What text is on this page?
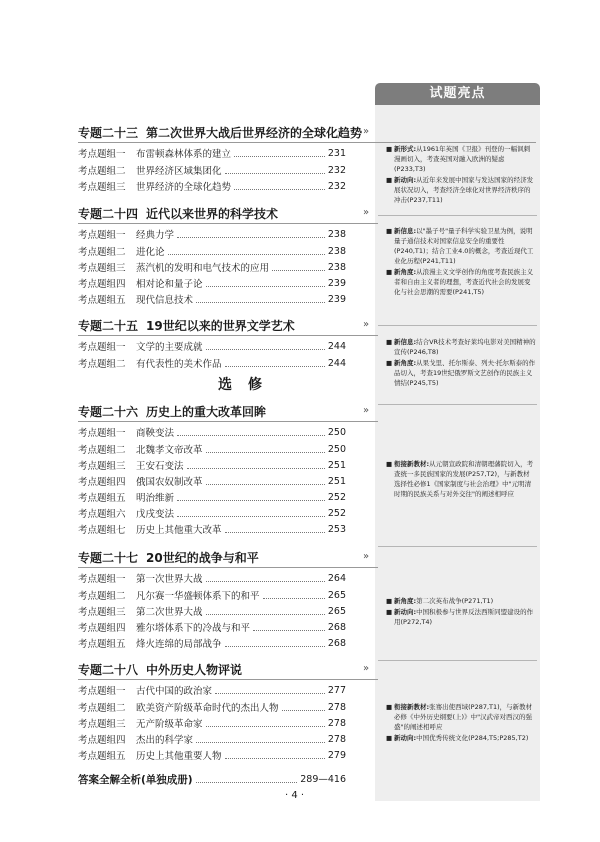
试题亮点
专题二十三 第二次世界大战后世界经济的全球化趋势 »
考点题组一	布雷顿森林体系的建立	231
考点题组二	世界经济区域集团化	232
考点题组三	世界经济的全球化趋势	232
■ 新形式:从1961年英国《卫报》刊登的一幅讽刺漫画切入，考查英国对融入欧洲的疑虑(P233,T3)
■ 新动向:从近年来发展中国家与发达国家的经济发展状况切入，考查经济全球化对世界经济秩序的冲击(P237,T11)
专题二十四 近代以来世界的科学技术	»
考点题组一	经典力学	238
考点题组二	进化论	238
考点题组三	蒸汽机的发明和电气技术的应用	238
考点题组四	相对论和量子论	239
考点题组五	现代信息技术	239
■ 新信息:以"墨子号"量子科学实验卫星为例，说明量子通信技术对国家信息安全的重要性(P240,T1)；结合工业4.0的概念，考查近现代工业化历程(P241,T11)
■ 新角度:从浪漫主义文学创作的角度考查民族主义者和自由主义者的理想，考查近代社会的发展变化与社会思潮的需要(P241,T5)
专题二十五 19世纪以来的世界文学艺术	»
考点题组一	文学的主要成就	244
考点题组二	有代表性的美术作品	244
■ 新信息:结合VR技术考查好莱坞电影对美国精神的宣传(P246,T8)
■ 新角度:从果戈里、托尔斯泰、列夫·托尔斯泰的作品切入，考查19世纪俄罗斯文艺创作的民族主义情结(P245,T5)
选修
专题二十六 历史上的重大改革回眸	»
考点题组一	商鞅变法	250
考点题组二	北魏孝文帝改革	250
考点题组三	王安石变法	251
考点题组四	俄国农奴制改革	251
考点题组五	明治维新	252
考点题组六	戊戌变法	252
考点题组七	历史上其他重大改革	253
■ 衔接新教材:从元朝宣政院和清朝理藩院切入，考查统一多民族国家的发展(P257,T2)，与新教材选择性必修1《国家制度与社会治理》中"元明清时期的民族关系与对外交往"的阐述相呼应
专题二十七 20世纪的战争与和平	»
考点题组一	第一次世界大战	264
考点题组二	凡尔赛一华盛顿体系下的和平	265
考点题组三	第二次世界大战	265
考点题组四	雅尔塔体系下的冷战与和平	268
考点题组五	烽火连绵的局部战争	268
■ 新角度:第二次英布战争(P271,T1)
■ 新动向:中国积极参与世界反法西斯同盟建设的作用(P272,T4)
专题二十八 中外历史人物评说	»
考点题组一	古代中国的政治家	277
考点题组二	欧美资产阶级革命时代的杰出人物	278
考点题组三	无产阶级革命家	278
考点题组四	杰出的科学家	278
考点题组五	历史上其他重要人物	279
■ 衔接新教材:张骞出使西域(P287,T1)，与新教材必修《中外历史纲要(上)》中"汉武帝对西汉的强盛"的阐述相呼应
■ 新动向:中国优秀传统文化(P284,T5;P285,T2)
答案全解全析(单独成册)	289—416
· 4 ·
